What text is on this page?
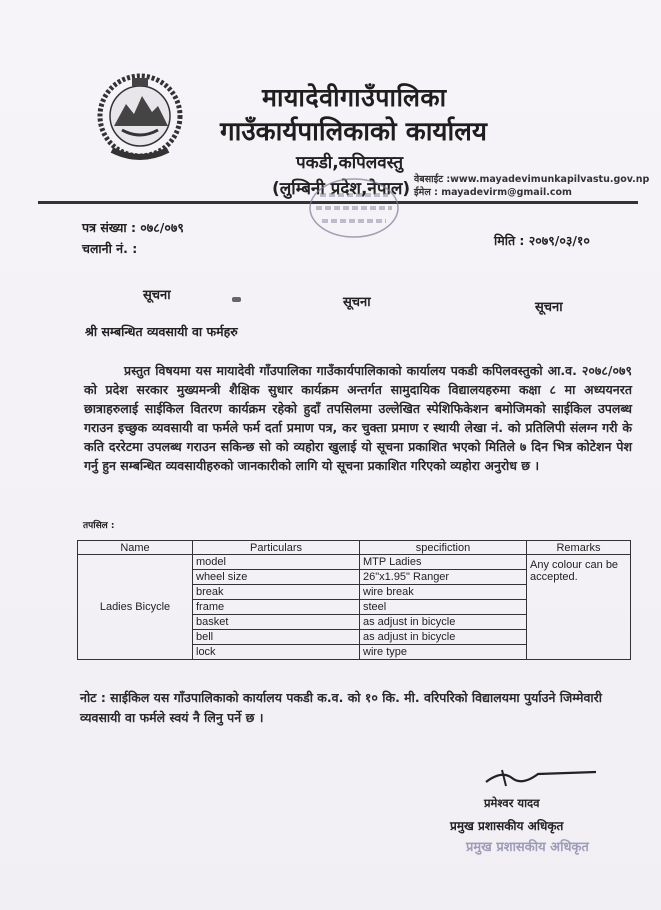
मायादेवीगाउँपालिका
गाउँकार्यपालिकाको कार्यालय
पकडी,कपिलवस्तु
(लुम्बिनी प्रदेश,नेपाल) वेबसाईट :www.mayadevimunkapilvastu.gov.np
ईमेल : mayadevirm@gmail.com
पत्र संख्या : ०७८/०७९
चलानी नं. :
मिति : २०७९/०३/१०
सूचना	सूचना	सूचना
श्री सम्बन्धित व्यवसायी वा फर्महरु

प्रस्तुत विषयमा यस मायादेवी गाँउपालिका गाउँकार्यपालिकाको कार्यालय पकडी कपिलवस्तुको आ.व. २०७८/०७९ को प्रदेश सरकार मुख्यमन्त्री शैक्षिक सुधार कार्यक्रम अन्तर्गत सामुदायिक विद्यालयहरुमा कक्षा ८ मा अध्ययनरत छात्राहरुलाई साईकिल वितरण कार्यक्रम रहेको हुदाँ तपसिलमा उल्लेखित स्पेशिफिकेशन बमोजिमको साईकिल उपलब्ध गराउन इच्छुक व्यवसायी वा फर्मले फर्म दर्ता प्रमाण पत्र, कर चुक्ता प्रमाण र स्थायी लेखा नं. को प्रतिलिपी संलग्न गरी के कति दररेटमा उपलब्ध गराउन सकिन्छ सो को व्यहोरा खुलाई यो सूचना प्रकाशित भएको मितिले ७ दिन भित्र कोटेशन पेश गर्नु हुन सम्बन्धित व्यवसायीहरुको जानकारीको लागि यो सूचना प्रकाशित गरिएको व्यहोरा अनुरोध छ ।

तपसिल :
Name	Particulars	specifiction	Remarks
Ladies Bicycle	model	MTP Ladies	Any colour can be accepted.
	wheel size	26"x1.95" Ranger	
	break	wire break	
	frame	steel	
	basket	as adjust in bicycle	
	bell	as adjust in bicycle	
	lock	wire type	
नोट : साईकिल यस गाँउपालिकाको कार्यालय पकडी क.व. को १० कि. मी. वरिपरिको विद्यालयमा पुर्याउने जिम्मेवारी व्यवसायी वा फर्मले स्वयं नै लिनु पर्ने छ ।
प्रमेश्वर यादव
प्रमुख प्रशासकीय अधिकृत
प्रमुख प्रशासकीय अधिकृत
